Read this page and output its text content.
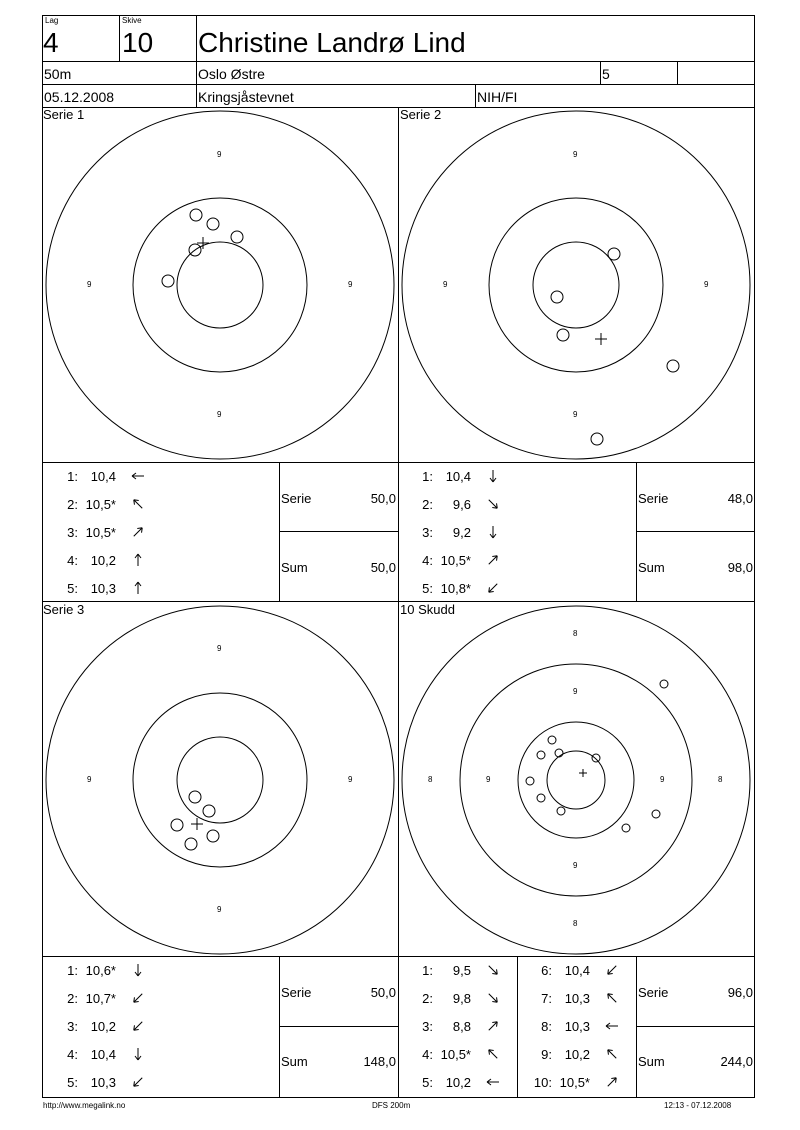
Lag
4
Skive
10 Christine Landrø Lind
50m	Oslo Østre	5
05.12.2008	Kringsjåstevnet	NIH/FI
Serie 1	Serie 2
Serie 3	10 Skudd
9
9	9
9
9
9	9
9
9
9	9
9
8
8	8
8
9
9	9
9
1: 10,4
2: 10,5*
3: 10,5*
4: 10,2
5: 10,3
1: 10,4
2: 9,6
3: 9,2
4: 10,5*
5: 10,8*
1: 10,6*
2: 10,7*
3: 10,2
4: 10,4
5: 10,3
1: 9,5
2: 9,8
3: 8,8
4: 10,5*
5: 10,2
6: 10,4
7: 10,3
8: 10,3
9: 10,2
10: 10,5*
Serie	50,0
Sum	50,0
Serie	48,0
Sum	98,0
Serie	50,0
Sum	148,0
Serie	96,0
Sum	244,0
http://www.megalink.no	DFS 200m	12:13 - 07.12.2008
